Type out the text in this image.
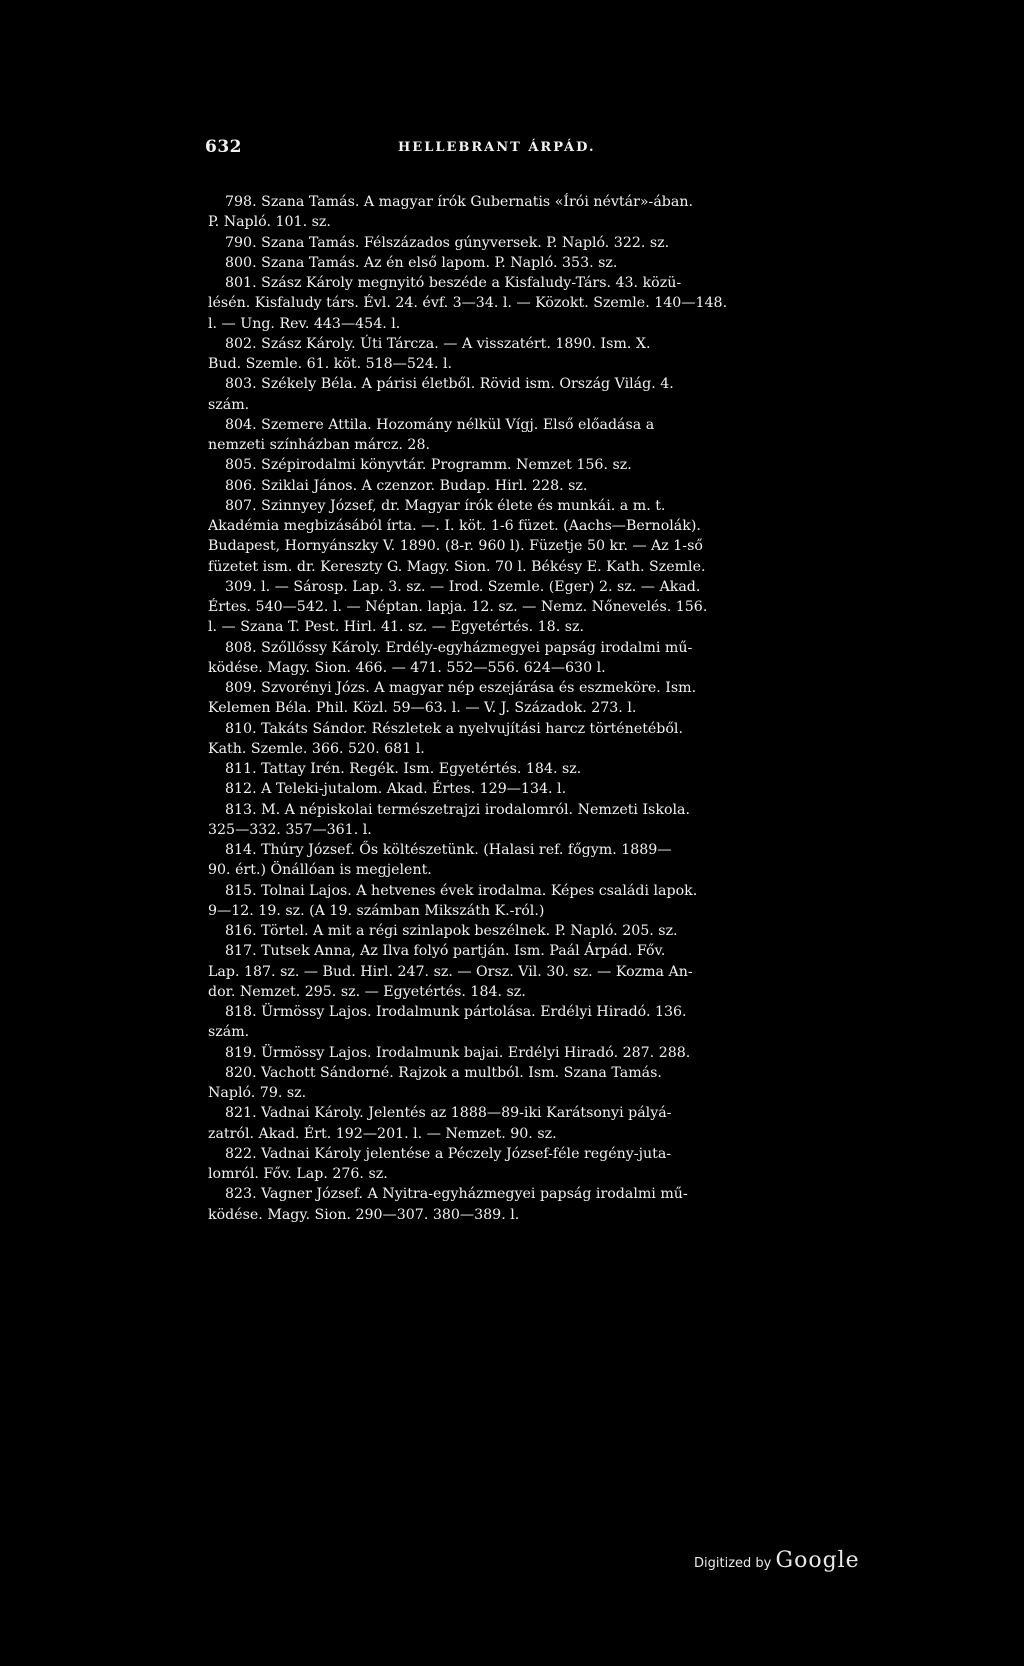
632	HELLEBRANT ÁRPÁD.
798. Szana Tamás. A magyar írók Gubernatis «Írói névtár»-ában.
P. Napló. 101. sz.
790. Szana Tamás. Félszázados gúnyversek. P. Napló. 322. sz.
800. Szana Tamás. Az én első lapom. P. Napló. 353. sz.
801. Szász Károly megnyitó beszéde a Kisfaludy-Társ. 43. közü-
lésén. Kisfaludy társ. Évl. 24. évf. 3—34. l. — Közokt. Szemle. 140—148.
l. — Ung. Rev. 443—454. l.
802. Szász Károly. Úti Tárcza. — A visszatért. 1890. Ism. X.
Bud. Szemle. 61. köt. 518—524. l.
803. Székely Béla. A párisi életből. Rövid ism. Ország Világ. 4.
szám.
804. Szemere Attila. Hozomány nélkül Vígj. Első előadása a
nemzeti színházban márcz. 28.
805. Szépirodalmi könyvtár. Programm. Nemzet 156. sz.
806. Sziklai János. A czenzor. Budap. Hirl. 228. sz.
807. Szinnyey József, dr. Magyar írók élete és munkái. a m. t.
Akadémia megbizásából írta. —. I. köt. 1-6 füzet. (Aachs—Bernolák).
Budapest, Hornyánszky V. 1890. (8-r. 960 l). Füzetje 50 kr. — Az 1-ső
füzetet ism. dr. Kereszty G. Magy. Sion. 70 l. Békésy E. Kath. Szemle.
309. l. — Sárosp. Lap. 3. sz. — Irod. Szemle. (Eger) 2. sz. — Akad.
Értes. 540—542. l. — Néptan. lapja. 12. sz. — Nemz. Nőnevelés. 156.
l. — Szana T. Pest. Hirl. 41. sz. — Egyetértés. 18. sz.
808. Szőllőssy Károly. Erdély-egyházmegyei papság irodalmi mű-
ködése. Magy. Sion. 466. — 471. 552—556. 624—630 l.
809. Szvorényi Józs. A magyar nép eszejárása és eszmeköre. Ism.
Kelemen Béla. Phil. Közl. 59—63. l. — V. J. Századok. 273. l.
810. Takáts Sándor. Részletek a nyelvujítási harcz történetéből.
Kath. Szemle. 366. 520. 681 l.
811. Tattay Irén. Regék. Ism. Egyetértés. 184. sz.
812. A Teleki-jutalom. Akad. Értes. 129—134. l.
813. M. A népiskolai természetrajzi irodalomról. Nemzeti Iskola.
325—332. 357—361. l.
814. Thúry József. Ős költészetünk. (Halasi ref. főgym. 1889—
90. ért.) Önállóan is megjelent.
815. Tolnai Lajos. A hetvenes évek irodalma. Képes családi lapok.
9—12. 19. sz. (A 19. számban Mikszáth K.-ról.)
816. Törtel. A mit a régi szinlapok beszélnek. P. Napló. 205. sz.
817. Tutsek Anna, Az Ilva folyó partján. Ism. Paál Árpád. Főv.
Lap. 187. sz. — Bud. Hirl. 247. sz. — Orsz. Vil. 30. sz. — Kozma An-
dor. Nemzet. 295. sz. — Egyetértés. 184. sz.
818. Ürmössy Lajos. Irodalmunk pártolása. Erdélyi Hiradó. 136.
szám.
819. Ürmössy Lajos. Irodalmunk bajai. Erdélyi Hiradó. 287. 288.
820. Vachott Sándorné. Rajzok a multból. Ism. Szana Tamás.
Napló. 79. sz.
821. Vadnai Károly. Jelentés az 1888—89-iki Karátsonyi pályá-
zatról. Akad. Ért. 192—201. l. — Nemzet. 90. sz.
822. Vadnai Károly jelentése a Péczely József-féle regény-juta-
lomról. Főv. Lap. 276. sz.
823. Vagner József. A Nyitra-egyházmegyei papság irodalmi mű-
ködése. Magy. Sion. 290—307. 380—389. l.
Digitized by Google
